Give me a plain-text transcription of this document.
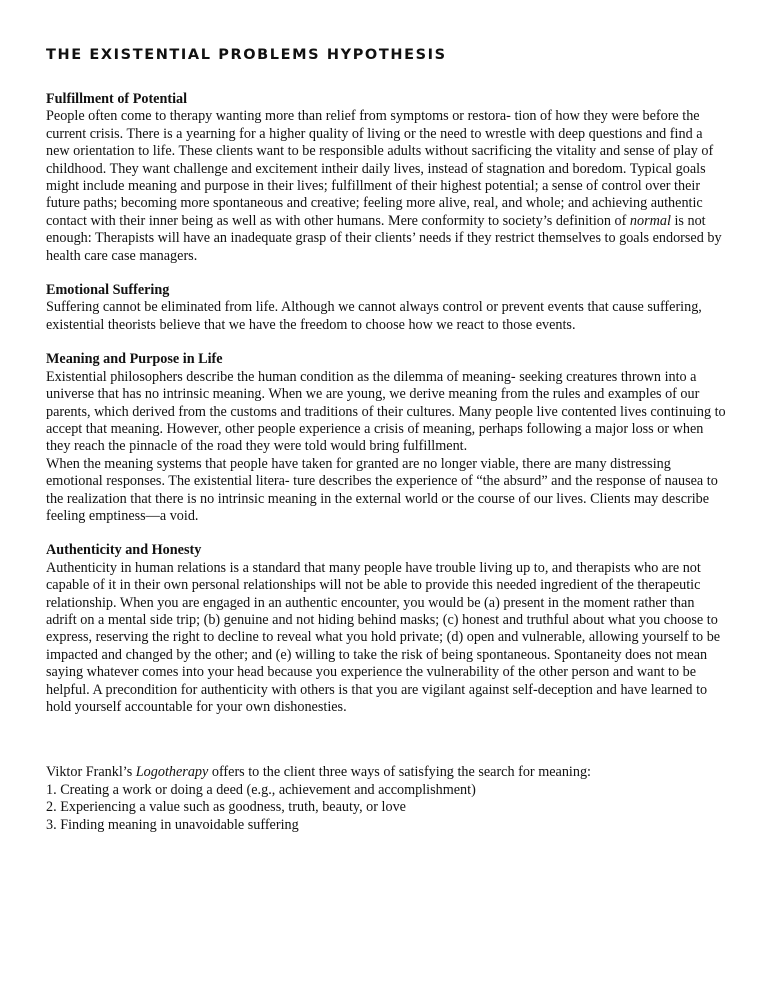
THE EXISTENTIAL PROBLEMS HYPOTHESIS

Fulfillment of Potential

People often come to therapy wanting more than relief from symptoms or restora- tion of how they were before the current crisis. There is a yearning for a higher quality of living or the need to wrestle with deep questions and find a new orientation to life. These clients want to be responsible adults without sacrificing the vitality and sense of play of childhood. They want challenge and excitement intheir daily lives, instead of stagnation and boredom. Typical goals might include meaning and purpose in their lives; fulfillment of their highest potential; a sense of control over their future paths; becoming more spontaneous and creative; feeling more alive, real, and whole; and achieving authentic contact with their inner being as well as with other humans. Mere conformity to society’s definition of normal is not enough: Therapists will have an inadequate grasp of their clients’ needs if they restrict themselves to goals endorsed by health care case managers.

Emotional Suffering

Suffering cannot be eliminated from life. Although we cannot always control or prevent events that cause suffering, existential theorists believe that we have the freedom to choose how we react to those events.

Meaning and Purpose in Life

Existential philosophers describe the human condition as the dilemma of meaning- seeking creatures thrown into a universe that has no intrinsic meaning. When we are young, we derive meaning from the rules and examples of our parents, which derived from the customs and traditions of their cultures. Many people live contented lives continuing to accept that meaning. However, other people experience a crisis of meaning, perhaps following a major loss or when they reach the pinnacle of the road they were told would bring fulfillment.

When the meaning systems that people have taken for granted are no longer viable, there are many distressing emotional responses. The existential litera- ture describes the experience of “the absurd” and the response of nausea to the realization that there is no intrinsic meaning in the external world or the course of our lives. Clients may describe feeling emptiness—a void.

Authenticity and Honesty

Authenticity in human relations is a standard that many people have trouble living up to, and therapists who are not capable of it in their own personal relationships will not be able to provide this needed ingredient of the therapeutic relationship. When you are engaged in an authentic encounter, you would be (a) present in the moment rather than adrift on a mental side trip; (b) genuine and not hiding behind masks; (c) honest and truthful about what you choose to express, reserving the right to decline to reveal what you hold private; (d) open and vulnerable, allowing yourself to be impacted and changed by the other; and (e) willing to take the risk of being spontaneous. Spontaneity does not mean saying whatever comes into your head because you experience the vulnerability of the other person and want to be helpful. A precondition for authenticity with others is that you are vigilant against self-deception and have learned to hold yourself accountable for your own dishonesties.

Viktor Frankl’s Logotherapy offers to the client three ways of satisfying the search for meaning:

1. Creating a work or doing a deed (e.g., achievement and accomplishment)
2. Experiencing a value such as goodness, truth, beauty, or love
3. Finding meaning in unavoidable suffering
